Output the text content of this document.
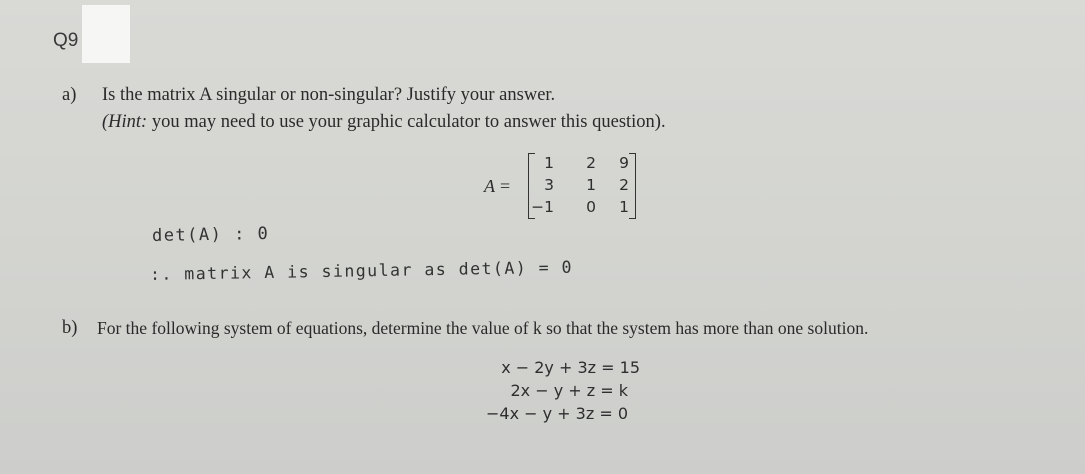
Q9
a) Is the matrix A singular or non-singular? Justify your answer.
(Hint: you may need to use your graphic calculator to answer this question).
A =
1	2	9
3	1	2
−1	0	1
det(A) : 0
:. matrix A is singular as det(A) = 0
b) For the following system of equations, determine the value of k so that the system has more than one solution.
x − 2y + 3z = 15
2x − y + z = k
−4x − y + 3z = 0
